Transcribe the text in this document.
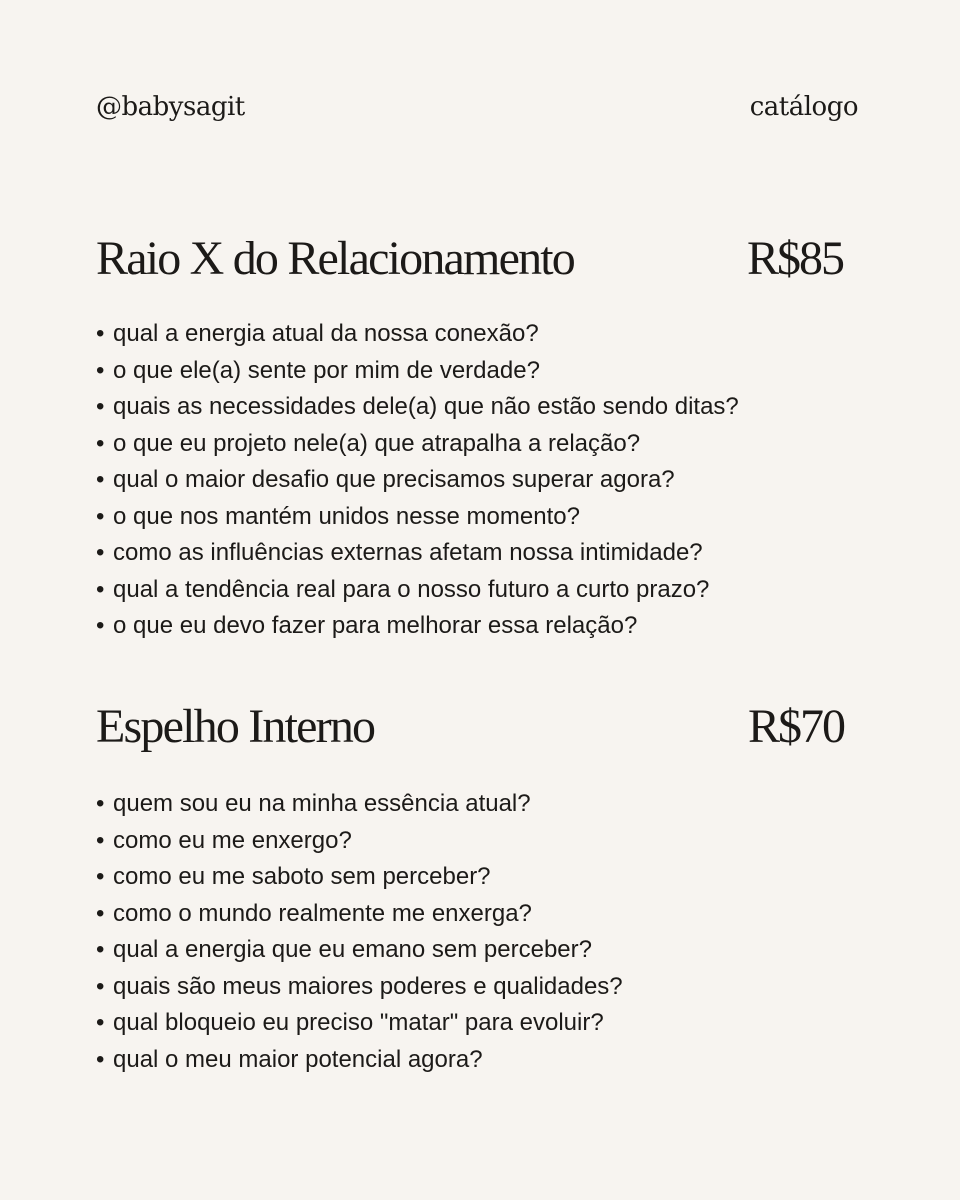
@babysagit	catálogo
Raio X do Relacionamento	R$85
• qual a energia atual da nossa conexão?
• o que ele(a) sente por mim de verdade?
• quais as necessidades dele(a) que não estão sendo ditas?
• o que eu projeto nele(a) que atrapalha a relação?
• qual o maior desafio que precisamos superar agora?
• o que nos mantém unidos nesse momento?
• como as influências externas afetam nossa intimidade?
• qual a tendência real para o nosso futuro a curto prazo?
• o que eu devo fazer para melhorar essa relação?
Espelho Interno	R$70
• quem sou eu na minha essência atual?
• como eu me enxergo?
• como eu me saboto sem perceber?
• como o mundo realmente me enxerga?
• qual a energia que eu emano sem perceber?
• quais são meus maiores poderes e qualidades?
• qual bloqueio eu preciso "matar" para evoluir?
• qual o meu maior potencial agora?
